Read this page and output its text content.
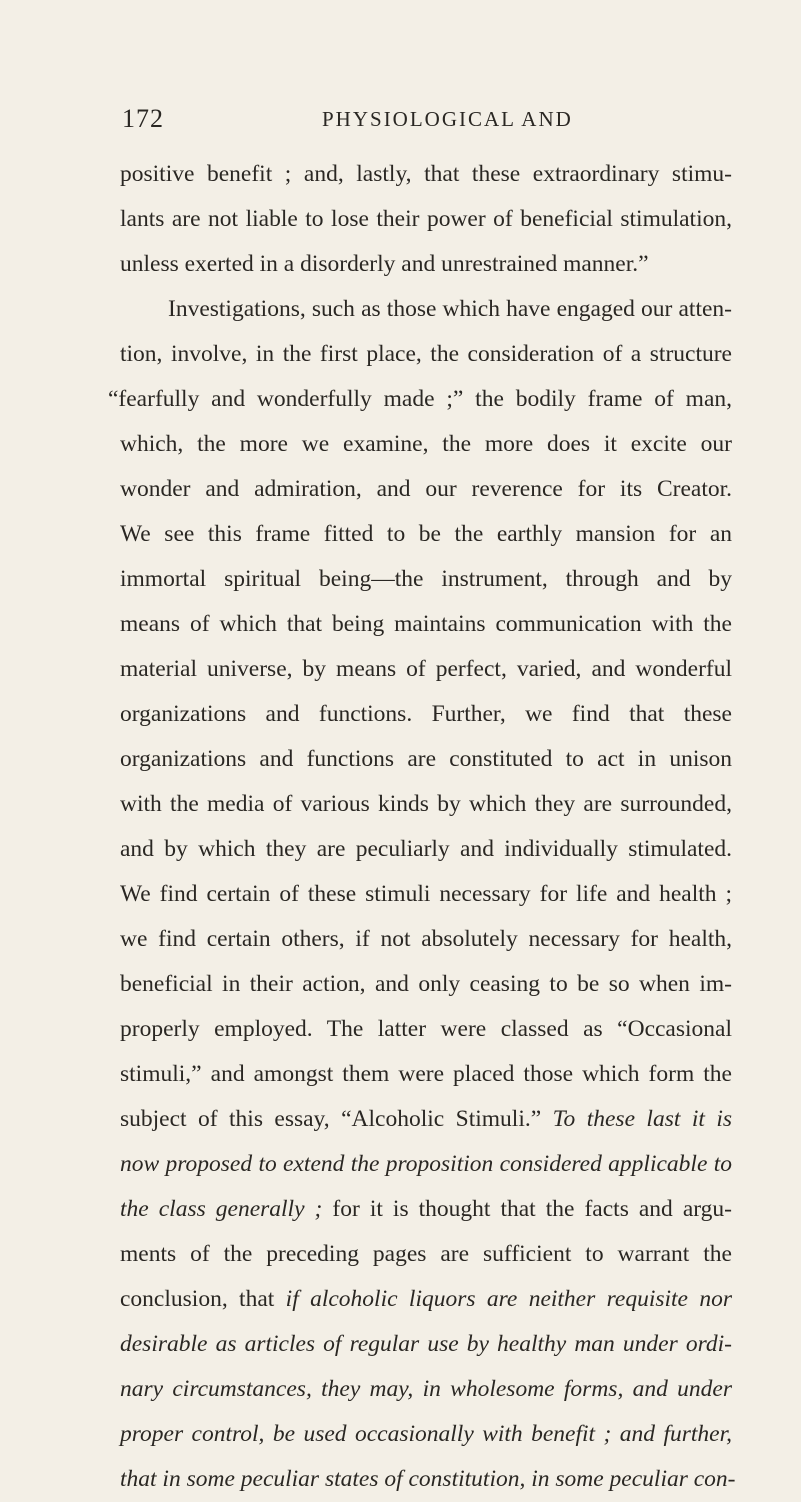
172	PHYSIOLOGICAL AND
positive benefit ; and, lastly, that these extraordinary stimu-
lants are not liable to lose their power of beneficial stimulation,
unless exerted in a disorderly and unrestrained manner.”
Investigations, such as those which have engaged our atten-
tion, involve, in the first place, the consideration of a structure
“fearfully and wonderfully made ;” the bodily frame of man,
which, the more we examine, the more does it excite our
wonder and admiration, and our reverence for its Creator.
We see this frame fitted to be the earthly mansion for an
immortal spiritual being—the instrument, through and by
means of which that being maintains communication with the
material universe, by means of perfect, varied, and wonderful
organizations and functions. Further, we find that these
organizations and functions are constituted to act in unison
with the media of various kinds by which they are surrounded,
and by which they are peculiarly and individually stimulated.
We find certain of these stimuli necessary for life and health ;
we find certain others, if not absolutely necessary for health,
beneficial in their action, and only ceasing to be so when im-
properly employed. The latter were classed as “Occasional
stimuli,” and amongst them were placed those which form the
subject of this essay, “Alcoholic Stimuli.” To these last it is
now proposed to extend the proposition considered applicable to
the class generally ; for it is thought that the facts and argu-
ments of the preceding pages are sufficient to warrant the
conclusion, that if alcoholic liquors are neither requisite nor
desirable as articles of regular use by healthy man under ordi-
nary circumstances, they may, in wholesome forms, and under
proper control, be used occasionally with benefit ; and further,
that in some peculiar states of constitution, in some peculiar con-
